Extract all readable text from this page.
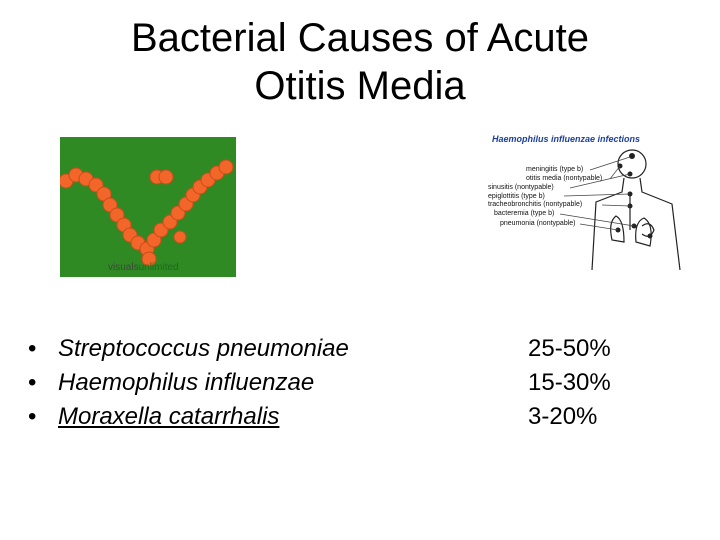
Bacterial Causes of Acute
Otitis Media
visualsunlimited
Haemophilus influenzae infections
meningitis (type b)
otitis media (nontypable)
sinusitis (nontypable)
epiglottitis (type b)
tracheobronchitis (nontypable)
bacteremia (type b)
pneumonia (nontypable)
• Streptococcus pneumoniae
• Haemophilus influenzae
• Moraxella catarrhalis
25-50%
15-30%
3-20%
